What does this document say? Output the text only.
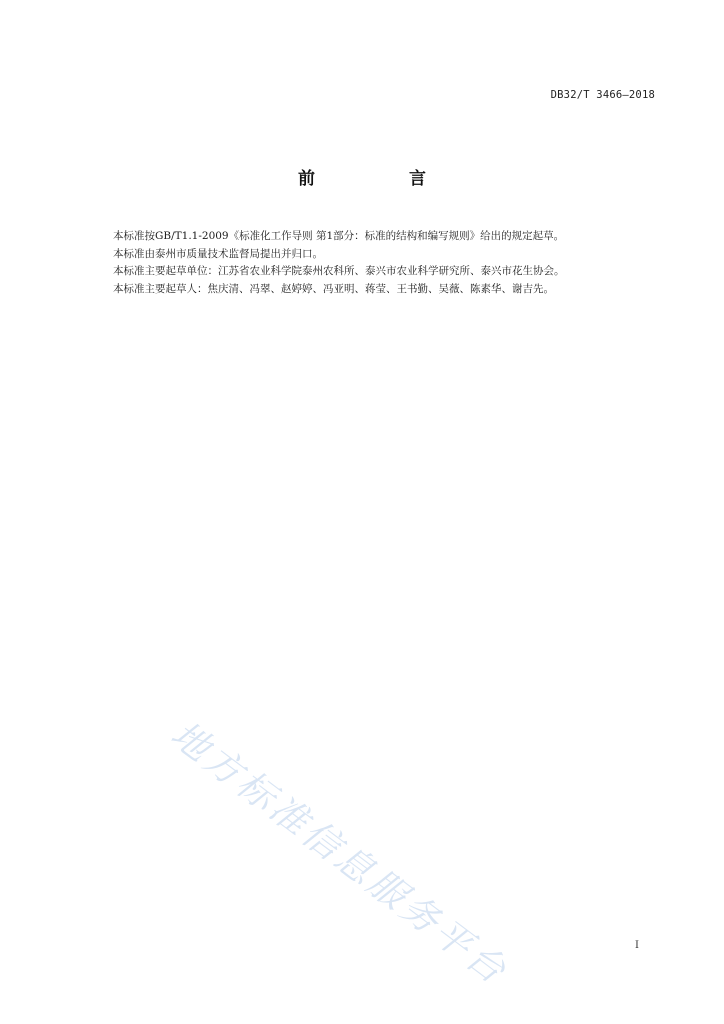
DB32/T 3466—2018
前 言

本标准按GB/T1.1-2009《标准化工作导则 第1部分：标准的结构和编写规则》给出的规定起草。

本标准由泰州市质量技术监督局提出并归口。

本标准主要起草单位：江苏省农业科学院泰州农科所、泰兴市农业科学研究所、泰兴市花生协会。

本标准主要起草人：焦庆清、冯翠、赵婷婷、冯亚明、蒋莹、王书勤、吴薇、陈素华、谢吉先。

地方标准信息服务平台	I
